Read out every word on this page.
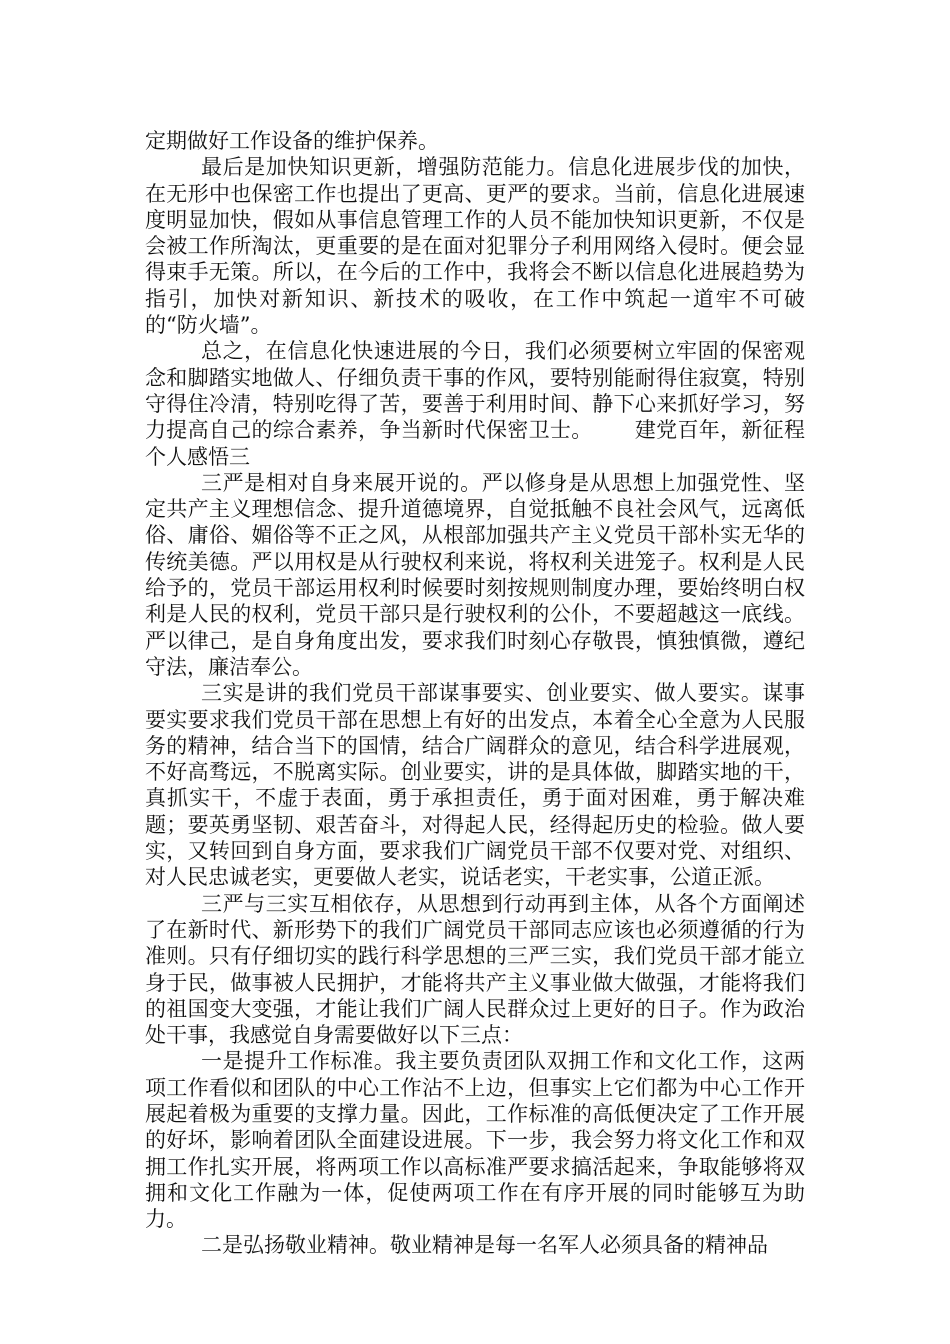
定期做好工作设备的维护保养。

最后是加快知识更新，增强防范能力。信息化进展步伐的加快，在无形中也保密工作也提出了更高、更严的要求。当前，信息化进展速度明显加快，假如从事信息管理工作的人员不能加快知识更新，不仅是会被工作所淘汰，更重要的是在面对犯罪分子利用网络入侵时。便会显得束手无策。所以，在今后的工作中，我将会不断以信息化进展趋势为指引，加快对新知识、新技术的吸收，在工作中筑起一道牢不可破的“防火墙”。

总之，在信息化快速进展的今日，我们必须要树立牢固的保密观念和脚踏实地做人、仔细负责干事的作风，要特别能耐得住寂寞，特别守得住冷清，特别吃得了苦，要善于利用时间、静下心来抓好学习，努力提高自己的综合素养，争当新时代保密卫士。 建党百年，新征程个人感悟三

三严是相对自身来展开说的。严以修身是从思想上加强党性、坚定共产主义理想信念、提升道德境界，自觉抵触不良社会风气，远离低俗、庸俗、媚俗等不正之风，从根部加强共产主义党员干部朴实无华的传统美德。严以用权是从行驶权利来说，将权利关进笼子。权利是人民给予的，党员干部运用权利时候要时刻按规则制度办理，要始终明白权利是人民的权利，党员干部只是行驶权利的公仆，不要超越这一底线。严以律己，是自身角度出发，要求我们时刻心存敬畏，慎独慎微，遵纪守法，廉洁奉公。

三实是讲的我们党员干部谋事要实、创业要实、做人要实。谋事要实要求我们党员干部在思想上有好的出发点，本着全心全意为人民服务的精神，结合当下的国情，结合广阔群众的意见，结合科学进展观，不好高骛远，不脱离实际。创业要实，讲的是具体做，脚踏实地的干，真抓实干，不虚于表面，勇于承担责任，勇于面对困难，勇于解决难题；要英勇坚韧、艰苦奋斗，对得起人民，经得起历史的检验。做人要实，又转回到自身方面，要求我们广阔党员干部不仅要对党、对组织、对人民忠诚老实，更要做人老实，说话老实，干老实事，公道正派。

三严与三实互相依存，从思想到行动再到主体，从各个方面阐述了在新时代、新形势下的我们广阔党员干部同志应该也必须遵循的行为准则。只有仔细切实的践行科学思想的三严三实，我们党员干部才能立身于民，做事被人民拥护，才能将共产主义事业做大做强，才能将我们的祖国变大变强，才能让我们广阔人民群众过上更好的日子。作为政治处干事，我感觉自身需要做好以下三点：

一是提升工作标准。我主要负责团队双拥工作和文化工作，这两项工作看似和团队的中心工作沾不上边，但事实上它们都为中心工作开展起着极为重要的支撑力量。因此，工作标准的高低便决定了工作开展的好坏，影响着团队全面建设进展。下一步，我会努力将文化工作和双拥工作扎实开展，将两项工作以高标准严要求搞活起来，争取能够将双拥和文化工作融为一体，促使两项工作在有序开展的同时能够互为助力。

二是弘扬敬业精神。敬业精神是每一名军人必须具备的精神品
